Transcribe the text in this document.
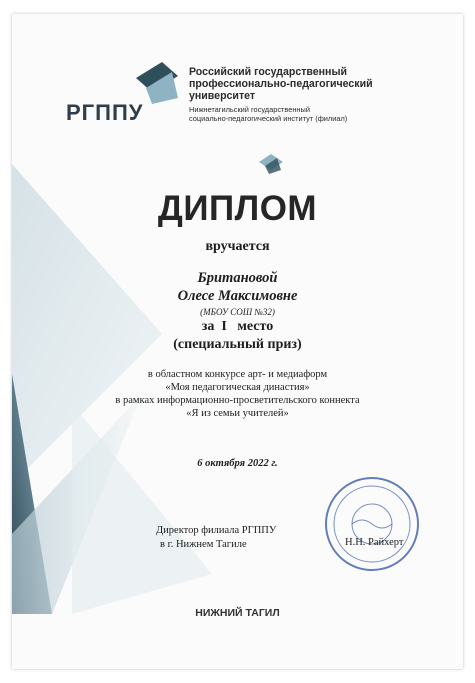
РГППУ
Российский государственный
профессионально-педагогический
университет
Нижнетагильский государственный
социально-педагогический институт (филиал)
ДИПЛОМ
вручается
Британовой
Олесе Максимовне
(МБОУ СОШ №32)
за  I   место
(специальный приз)
в областном конкурсе арт- и медиаформ
«Моя педагогическая династия»
в рамках информационно-просветительского коннекта
«Я из семьи учителей»
6 октября 2022 г.
Директор филиала РГППУ
в г. Нижнем Тагиле	Н.Н. Райхерт
НИЖНИЙ ТАГИЛ
